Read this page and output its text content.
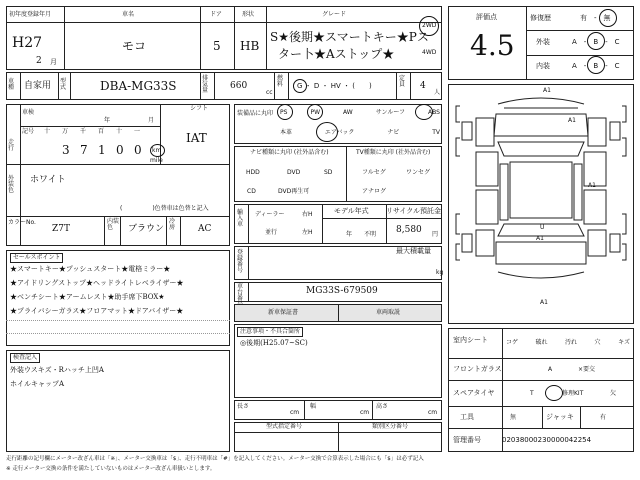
初年度登録年月
H27
2 月
車名
モコ
ドア
5
形状
HB
グレード
S★後期★スマートキー★Pス
ター卜★Aストップ★
2WD
4WD
車種	自家用 型式	DBA-MG33S
排気量	660
cc
燃料	G ・ D ・ HV ・ (　　)
定員	4
人
評価点
4.5
修復歴	有　-　無
外装	A　-　B　-　C
内装	A　-　B　-　C
車検
年	月
シフト
IAT
走行
記号	十	万	千	百	十	一
3 7 1 0 0	km
mile
外装色
ホワイト
(　　　　　)色替車は色替と記入
カラーNo.
Z7T
内装色	ブラウン
冷房	AC
セールスポイント
★スマートキー★プッシュスタート★電格ミラー★
★アイドリングストップ★ヘッドライトレベライザー★
★ベンチシート★アームレスト★助手席下BOX★
★プライバシーガラス★フロアマット★ドアバイザー★
検査記入
外装ウスキズ・Rハッチ上凹A
ホイルキャップA
装備品に丸印	PS	PW	AW	サンルーフ	ABS
本革	エアバック	ナビ	TV
ナビ種類に丸印 (社外品含む)	TV種類に丸印 (社外品含む)
HDD	DVD	SD
CD	DVD再生可
フルセグ	ワンセグ
アナログ
輸入車
ディーラー
並行
右H
左H
モデル年式
年　　不明
リサイクル預託金
8,580 円
登録番号
最大積載量
kg
車台番
MG33S-679509
新車保証書	車両取説
注意事項・不具合箇所
◎後期(H25.07~SC)
長さ
cm
幅
cm
高さ
cm
型式指定番号	類別区分番号
A1
A1
A1
U
A1
A1
室内シート	コゲ	破れ	汚れ	穴	キズ
フロントガラス	A	×要交
スペアタイヤ	T	修理KIT	欠
工具	無	ジャッキ	有
管理番号	02038000230000042254
走行距離の記号欄にメーター改ざん車は「※」、メーター交換車は「$」、走行不明車は「#」を記入してください。メーター交換で合算表示した場合にも「$」は必ず記入
※ 走行メーター交換の条件を満たしていないものはメーター改ざん車扱いとします。
